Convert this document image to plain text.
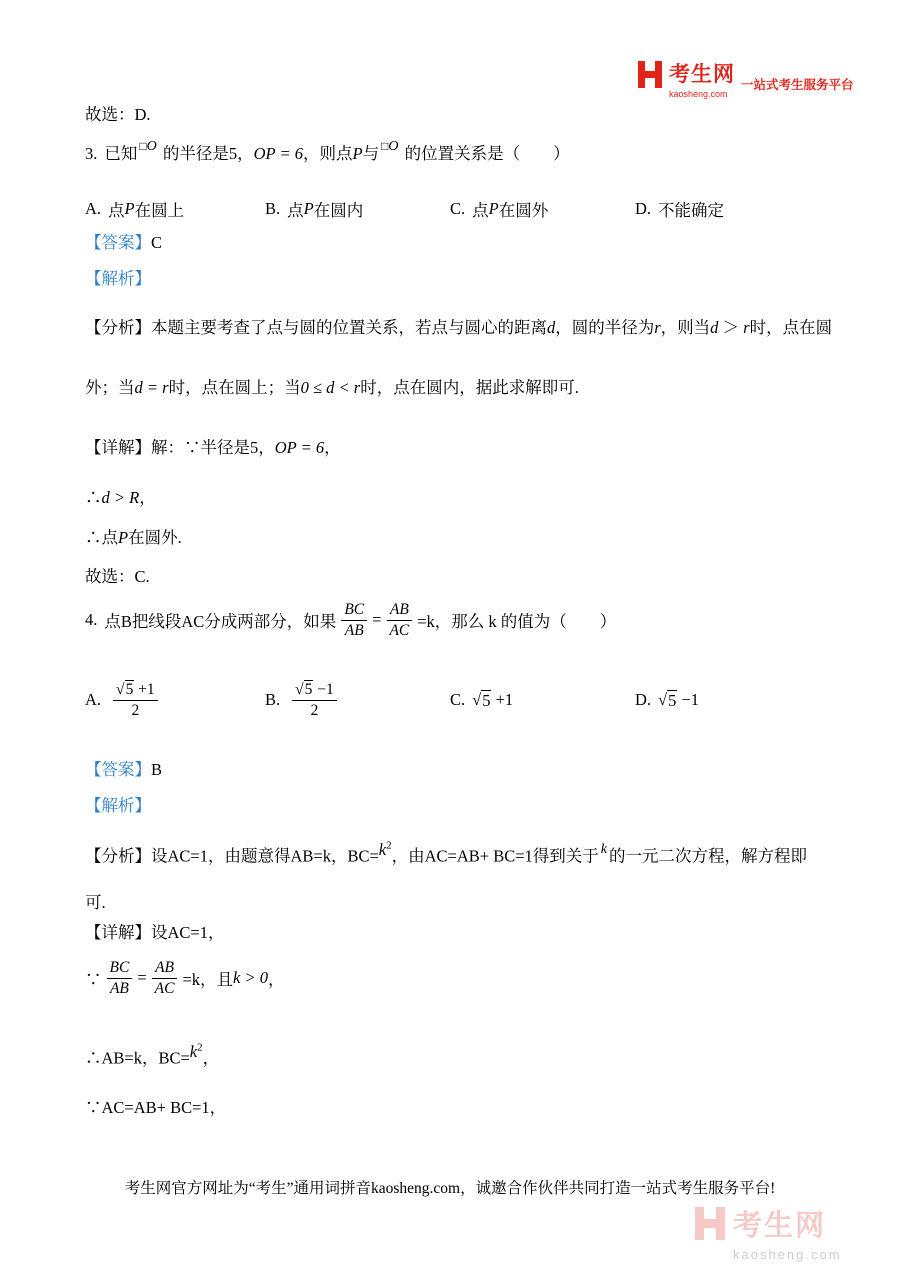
考生网
kaosheng.com
一站式考生服务平台
故选：D.
3. 已知 $^{□O}$ 的半径是5，OP = 6，则点P与 $^{□O}$ 的位置关系是（　　）
A. 点 P 在圆上	B. 点 P 在圆内	C. 点 P 在圆外	D. 不能确定
【答案】C
【解析】
【分析】本题主要考查了点与圆的位置关系，若点与圆心的距离d，圆的半径为r，则当d ＞ r时，点在圆
外；当d = r时，点在圆上；当0 ≤ d < r时，点在圆内，据此求解即可.
【详解】解：∵半径是5，OP = 6，
∴d > R，
∴点P在圆外.
故选：C.
4. 点B把线段AC分成两部分，如果 $\frac{BC}{AB} = \frac{AB}{AC} =k$，那么 k 的值为（　　）
A. $\frac{√ 5 +1}{2}$	B. $\frac{√ 5 -1}{2}$	C. √ 5 +1	D. √ 5 −1
【答案】B
【解析】
【分析】设AC=1，由题意得AB=k，$BC=k^2$，由AC=AB+ BC=1得到关于 $^k$ 的一元二次方程，解方程即
可.
【详解】设AC=1，
∵ $\frac{BC}{AB} = \frac{AB}{AC} =k$，且 k > 0 ，
∴AB=k，$BC=k^2$，
∵AC=AB+ BC=1，
考生网官方网址为“考生”通用词拼音kaosheng.com，诚邀合作伙伴共同打造一站式考生服务平台!
考生网
kaosheng.com
